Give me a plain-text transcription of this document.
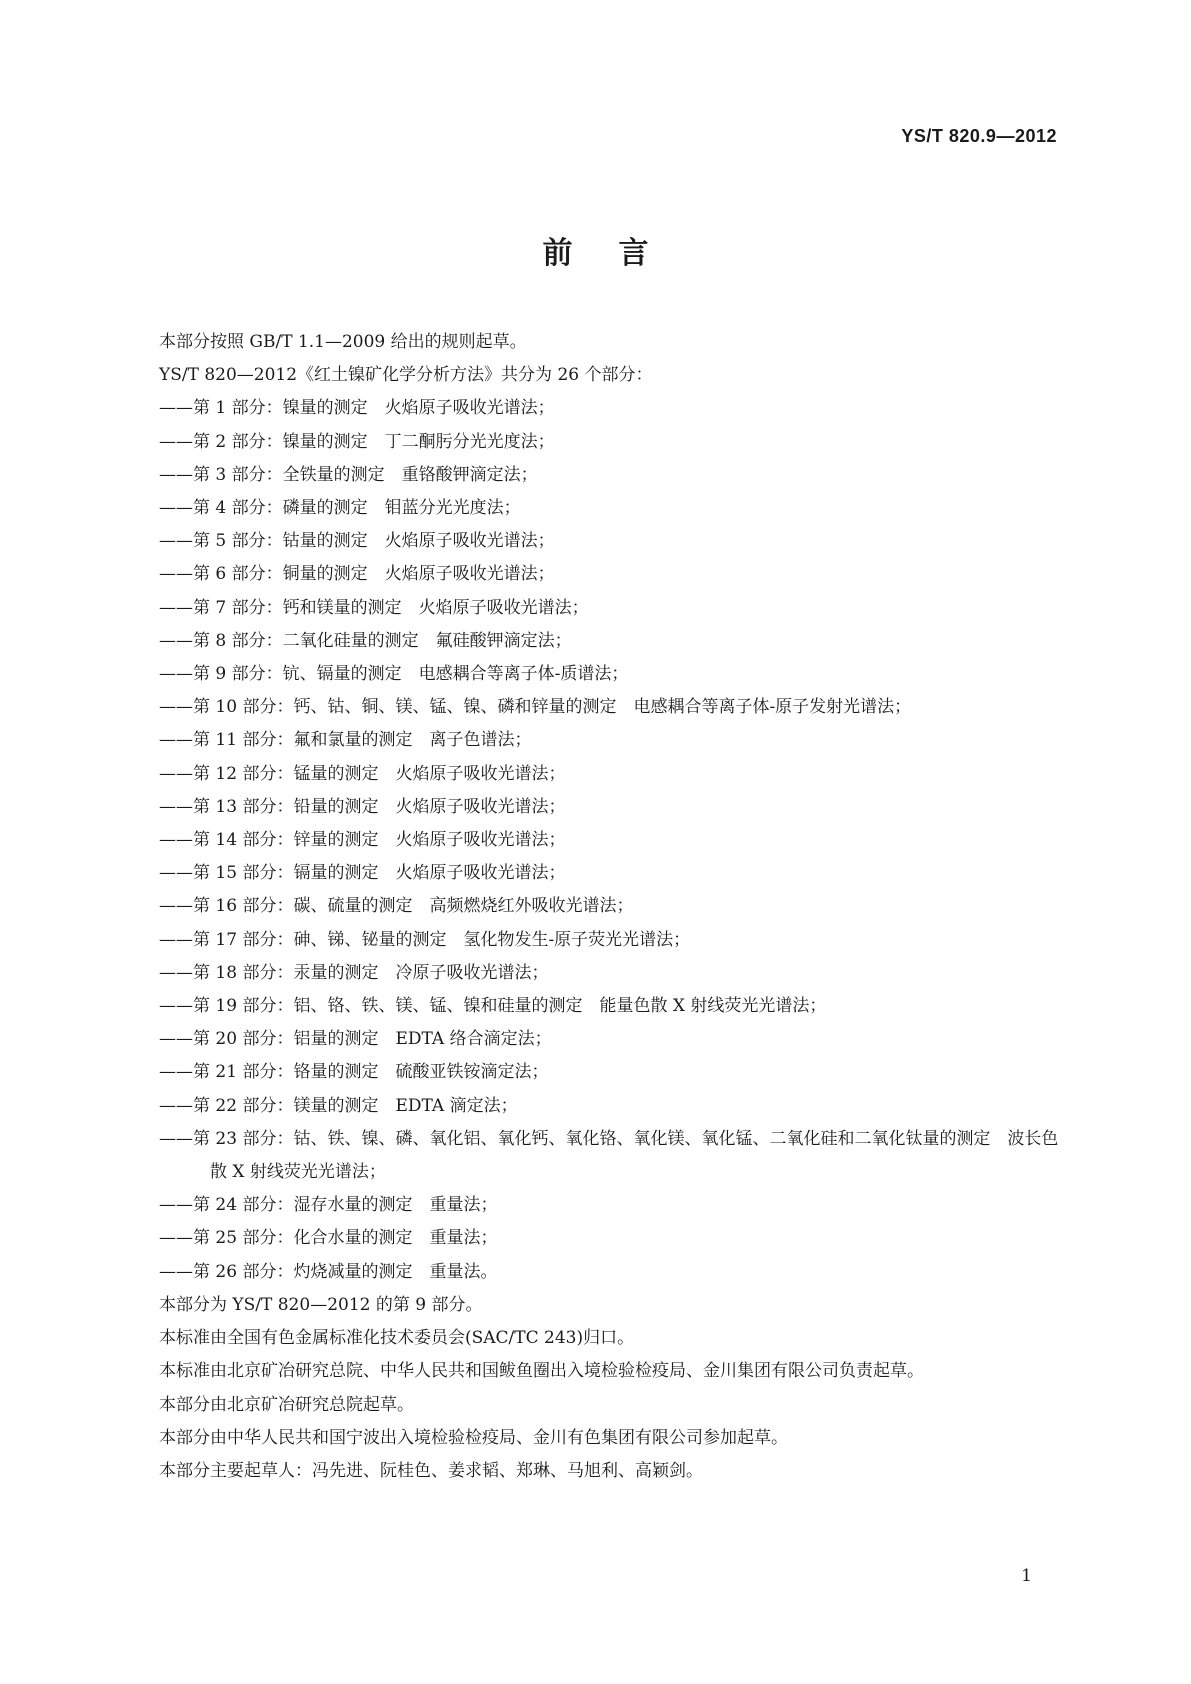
YS/T 820.9—2012
前言

本部分按照 GB/T 1.1—2009 给出的规则起草。

YS/T 820—2012《红土镍矿化学分析方法》共分为 26 个部分：

——第 1 部分：镍量的测定　火焰原子吸收光谱法；

——第 2 部分：镍量的测定　丁二酮肟分光光度法；

——第 3 部分：全铁量的测定　重铬酸钾滴定法；

——第 4 部分：磷量的测定　钼蓝分光光度法；

——第 5 部分：钴量的测定　火焰原子吸收光谱法；

——第 6 部分：铜量的测定　火焰原子吸收光谱法；

——第 7 部分：钙和镁量的测定　火焰原子吸收光谱法；

——第 8 部分：二氧化硅量的测定　氟硅酸钾滴定法；

——第 9 部分：钪、镉量的测定　电感耦合等离子体-质谱法；

——第 10 部分：钙、钴、铜、镁、锰、镍、磷和锌量的测定　电感耦合等离子体-原子发射光谱法；

——第 11 部分：氟和氯量的测定　离子色谱法；

——第 12 部分：锰量的测定　火焰原子吸收光谱法；

——第 13 部分：铅量的测定　火焰原子吸收光谱法；

——第 14 部分：锌量的测定　火焰原子吸收光谱法；

——第 15 部分：镉量的测定　火焰原子吸收光谱法；

——第 16 部分：碳、硫量的测定　高频燃烧红外吸收光谱法；

——第 17 部分：砷、锑、铋量的测定　氢化物发生-原子荧光光谱法；

——第 18 部分：汞量的测定　冷原子吸收光谱法；

——第 19 部分：铝、铬、铁、镁、锰、镍和硅量的测定　能量色散 X 射线荧光光谱法；

——第 20 部分：铝量的测定　EDTA 络合滴定法；

——第 21 部分：铬量的测定　硫酸亚铁铵滴定法；

——第 22 部分：镁量的测定　EDTA 滴定法；

——第 23 部分：钴、铁、镍、磷、氧化铝、氧化钙、氧化铬、氧化镁、氧化锰、二氧化硅和二氧化钛量的测定　波长色散 X 射线荧光光谱法；

——第 24 部分：湿存水量的测定　重量法；

——第 25 部分：化合水量的测定　重量法；

——第 26 部分：灼烧减量的测定　重量法。

本部分为 YS/T 820—2012 的第 9 部分。

本标准由全国有色金属标准化技术委员会(SAC/TC 243)归口。

本标准由北京矿冶研究总院、中华人民共和国鲅鱼圈出入境检验检疫局、金川集团有限公司负责起草。

本部分由北京矿冶研究总院起草。

本部分由中华人民共和国宁波出入境检验检疫局、金川有色集团有限公司参加起草。

本部分主要起草人：冯先进、阮桂色、姜求韬、郑琳、马旭利、高颖剑。

1
